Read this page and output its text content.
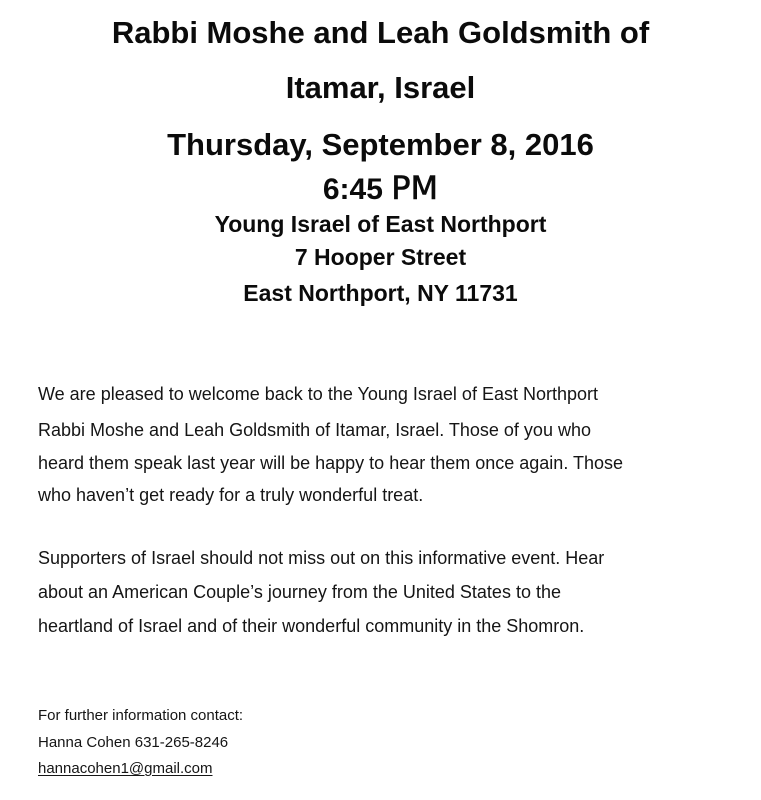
Rabbi Moshe and Leah Goldsmith of
Itamar, Israel
Thursday, September 8, 2016
6:45 PM
Young Israel of East Northport
7 Hooper Street
East Northport, NY 11731
We are pleased to welcome back to the Young Israel of East Northport
Rabbi Moshe and Leah Goldsmith of Itamar, Israel. Those of you who
heard them speak last year will be happy to hear them once again. Those
who haven’t get ready for a truly wonderful treat.
Supporters of Israel should not miss out on this informative event. Hear
about an American Couple’s journey from the United States to the
heartland of Israel and of their wonderful community in the Shomron.
For further information contact:
Hanna Cohen 631-265-8246
hannacohen1@gmail.com
